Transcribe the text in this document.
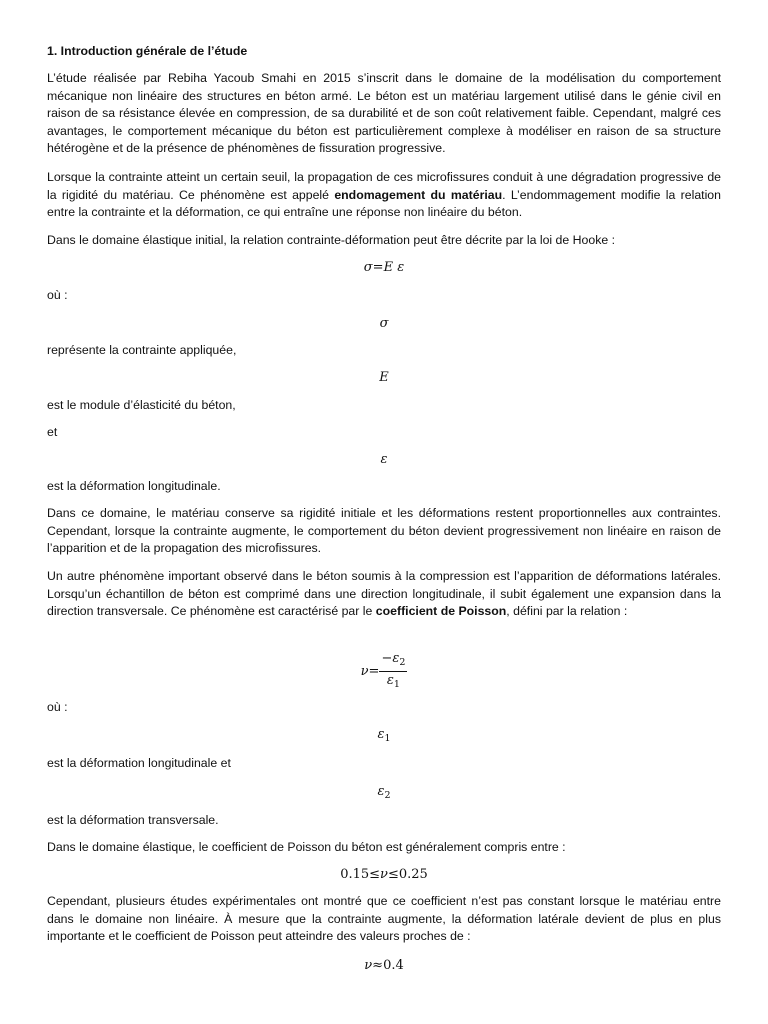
1. Introduction générale de l’étude

L’étude réalisée par Rebiha Yacoub Smahi en 2015 s’inscrit dans le domaine de la modélisation du comportement mécanique non linéaire des structures en béton armé. Le béton est un matériau largement utilisé dans le génie civil en raison de sa résistance élevée en compression, de sa durabilité et de son coût relativement faible. Cependant, malgré ces avantages, le comportement mécanique du béton est particulièrement complexe à modéliser en raison de sa structure hétérogène et de la présence de phénomènes de fissuration progressive.

Lorsque la contrainte atteint un certain seuil, la propagation de ces microfissures conduit à une dégradation progressive de la rigidité du matériau. Ce phénomène est appelé endomagement du matériau. L’endommagement modifie la relation entre la contrainte et la déformation, ce qui entraîne une réponse non linéaire du béton.

Dans le domaine élastique initial, la relation contrainte-déformation peut être décrite par la loi de Hooke :

σ=E ε

où :

σ

représente la contrainte appliquée,

E

est le module d’élasticité du béton,

et

ε

est la déformation longitudinale.

Dans ce domaine, le matériau conserve sa rigidité initiale et les déformations restent proportionnelles aux contraintes. Cependant, lorsque la contrainte augmente, le comportement du béton devient progressivement non linéaire en raison de l’apparition et de la propagation des microfissures.

Un autre phénomène important observé dans le béton soumis à la compression est l’apparition de déformations latérales. Lorsqu’un échantillon de béton est comprimé dans une direction longitudinale, il subit également une expansion dans la direction transversale. Ce phénomène est caractérisé par le coefficient de Poisson, défini par la relation :

$\nu= \frac{-\varepsilon_2}{\varepsilon_1}$

où :

$\varepsilon_1$

est la déformation longitudinale et

$\varepsilon_2$

est la déformation transversale.

Dans le domaine élastique, le coefficient de Poisson du béton est généralement compris entre :

0.15≤ν≤0.25

Cependant, plusieurs études expérimentales ont montré que ce coefficient n’est pas constant lorsque le matériau entre dans le domaine non linéaire. À mesure que la contrainte augmente, la déformation latérale devient de plus en plus importante et le coefficient de Poisson peut atteindre des valeurs proches de :

ν≈0.4
